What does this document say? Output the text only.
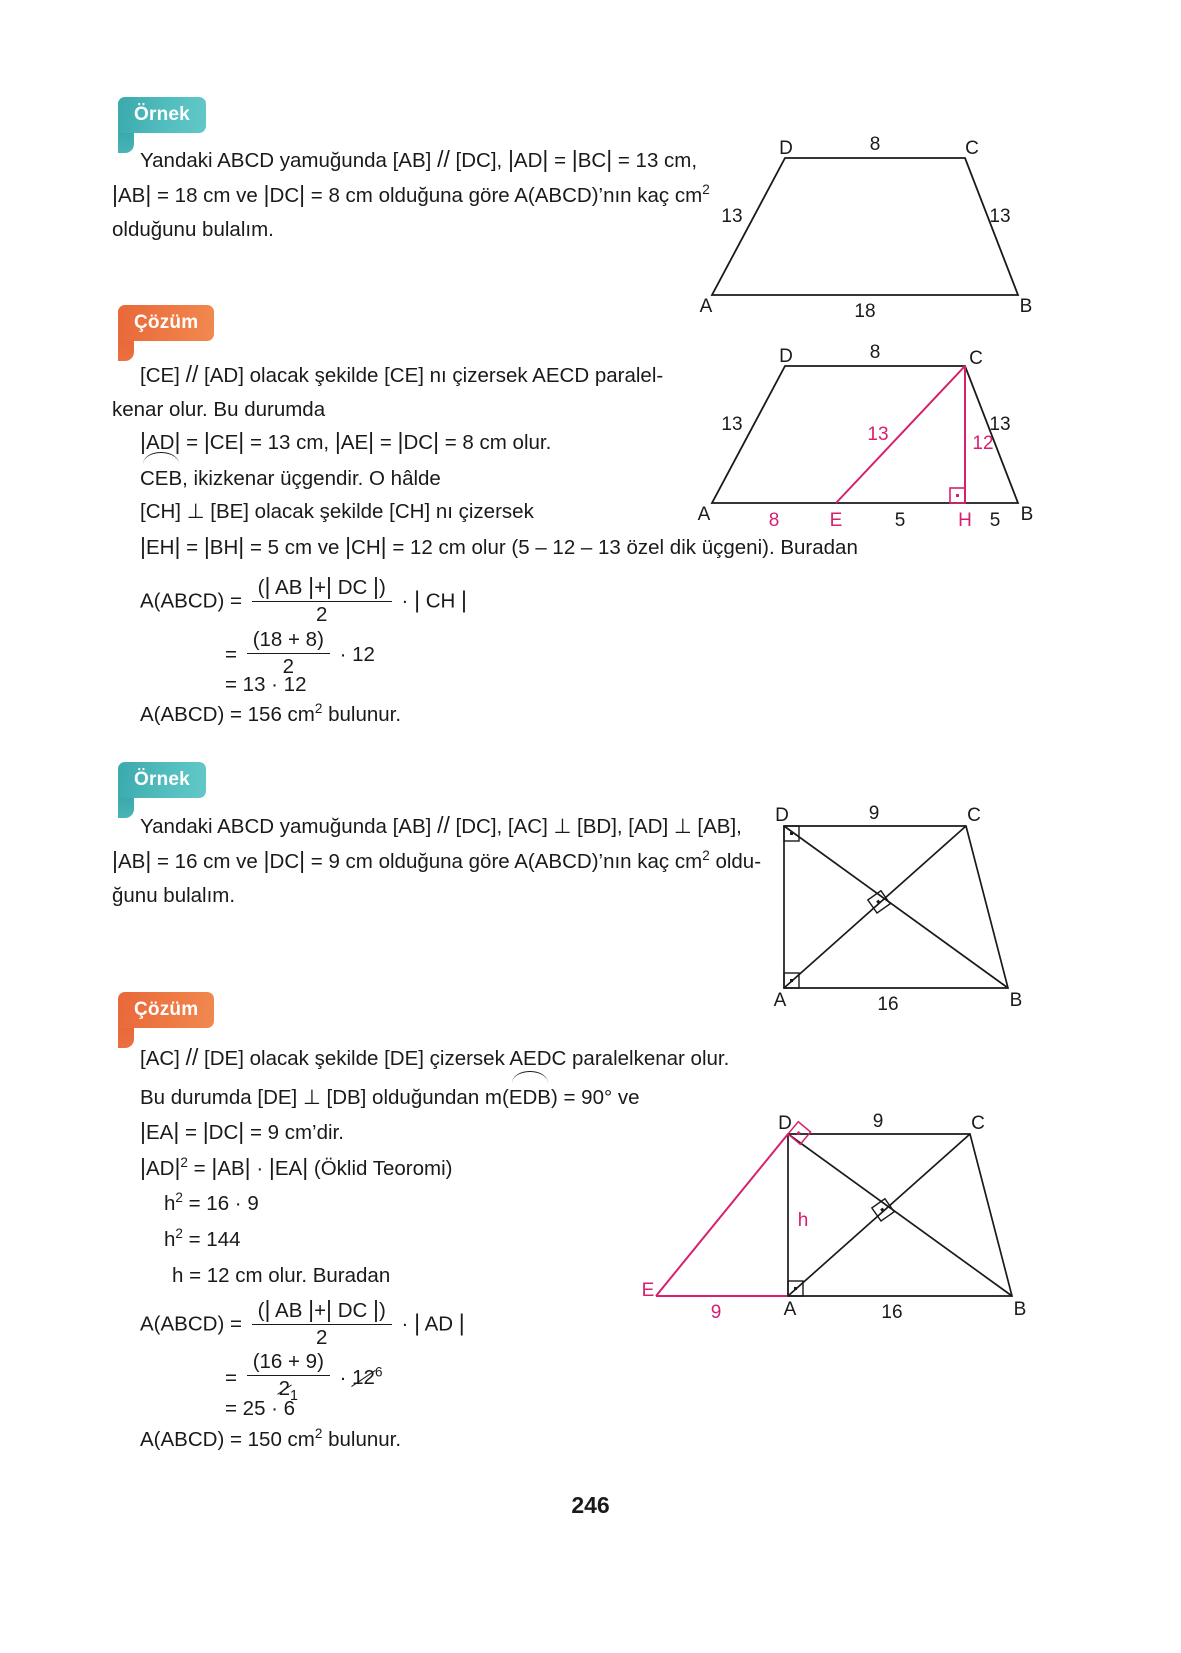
Örnek
Yandaki ABCD yamuğunda [AB] // [DC], |AD| = |BC| = 13 cm,
|AB| = 18 cm ve |DC| = 8 cm olduğuna göre A(ABCD)’nın kaç $cm^2$
olduğunu bulalım.
D	C
A	B
8
18
13	13
Çözüm
[CE] // [AD] olacak şekilde [CE] nı çizersek AECD paralel-
kenar olur. Bu durumda
|AD| = |CE| = 13 cm, |AE| = |DC| = 8 cm olur.
CEB, ikizkenar üçgendir. O hâlde
[CH] ⊥ [BE] olacak şekilde [CH] nı çizersek
|EH| = |BH| = 5 cm ve |CH| = 12 cm olur (5 – 12 – 13 özel dik üçgeni). Buradan
A(ABCD) = $\frac{(| AB |+| DC |)}{2}$ · | CH |
= $\frac{(18 + 8)}{2} \cdot 12$
= 13 · 12
A(ABCD) = 156 $cm^2$ bulunur.
D	C
A	B
8
13	13
13	12
8	E	5	H 5
Örnek
Yandaki ABCD yamuğunda [AB] // [DC], [AC] ⊥ [BD], [AD] ⊥ [AB],
|AB| = 16 cm ve |DC| = 9 cm olduğuna göre A(ABCD)’nın kaç $cm^2$ oldu-
ğunu bulalım.
D	C
A	B
9
16
Çözüm
[AC] // [DE] olacak şekilde [DE] çizersek AEDC paralelkenar olur.
Bu durumda [DE] ⊥ [DB] olduğundan m(
EDB) = 90° ve
|EA| = |DC| = 9 cm’dir.
$|AD|^2 = |AB| \cdot |EA|$ (Öklid Teoromi)
$h^2 = 16 \cdot 9$
$h^2 = 144$
h = 12 cm olur. Buradan
A(ABCD) = $\frac{(| AB |+| DC |)}{2}$ · | AD |
= $\frac{(16 + 9)}{2_1} \cdot 12^6$
= 25 · 6
A(ABCD) = 150 $cm^2$ bulunur.
D	C
A	B
E
9
16
9
h
246
